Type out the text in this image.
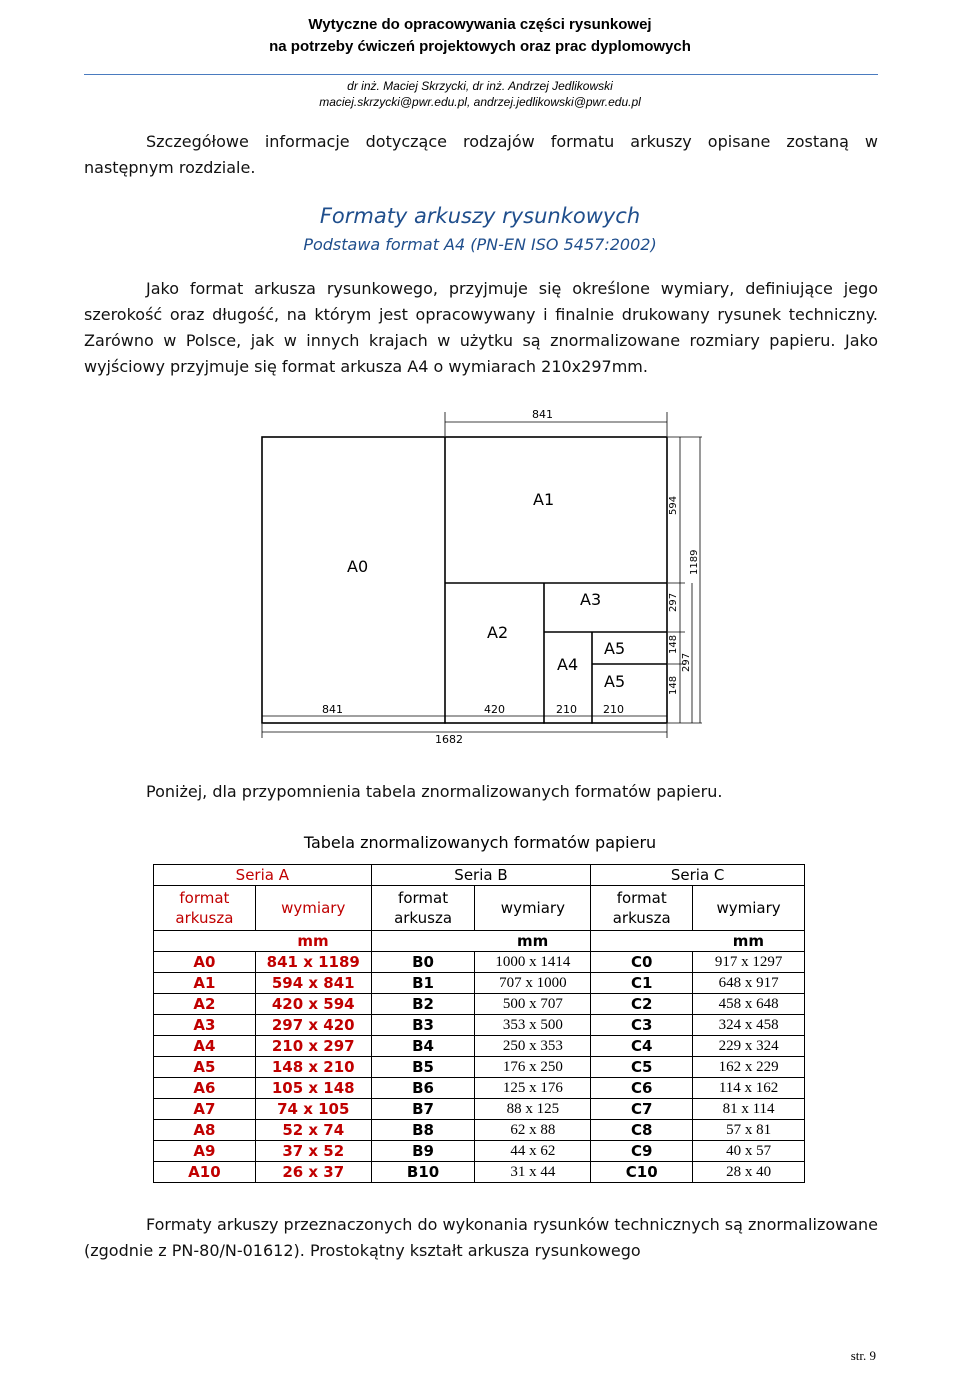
Wytyczne do opracowywania części rysunkowej
na potrzeby ćwiczeń projektowych oraz prac dyplomowych
dr inż. Maciej Skrzycki, dr inż. Andrzej Jedlikowski
maciej.skrzycki@pwr.edu.pl, andrzej.jedlikowski@pwr.edu.pl
Szczegółowe informacje dotyczące rodzajów formatu arkuszy opisane zostaną w następnym rozdziale.
Formaty arkuszy rysunkowych
Podstawa format A4 (PN-EN ISO 5457:2002)
Jako format arkusza rysunkowego, przyjmuje się określone wymiary, definiujące jego szerokość oraz długość, na którym jest opracowywany i finalnie drukowany rysunek techniczny. Zarówno w Polsce, jak w innych krajach w użytku są znormalizowane rozmiary papieru. Jako wyjściowy przyjmuje się format arkusza A4 o wymiarach 210x297mm.
A0
A1
A2
A3
A4
A5
A5
841
841	420	210 210
1682
594
297
148
148
297
1189
Poniżej, dla przypomnienia tabela znormalizowanych formatów papieru.
Tabela znormalizowanych formatów papieru
Seria A		Seria B		Seria C	
format arkusza	wymiary	format arkusza	wymiary	format arkusza	wymiary
	mm		mm		mm
A0	841 x 1189	B0	1000 x 1414	C0	917 x 1297
A1	594 x 841	B1	707 x 1000	C1	648 x 917
A2	420 x 594	B2	500 x 707	C2	458 x 648
A3	297 x 420	B3	353 x 500	C3	324 x 458
A4	210 x 297	B4	250 x 353	C4	229 x 324
A5	148 x 210	B5	176 x 250	C5	162 x 229
A6	105 x 148	B6	125 x 176	C6	114 x 162
A7	74 x 105	B7	88 x 125	C7	81 x 114
A8	52 x 74	B8	62 x 88	C8	57 x 81
A9	37 x 52	B9	44 x 62	C9	40 x 57
A10	26 x 37	B10	31 x 44	C10	28 x 40
Formaty arkuszy przeznaczonych do wykonania rysunków technicznych są znormalizowane (zgodnie z PN-80/N-01612). Prostokątny kształt arkusza rysunkowego
str. 9
